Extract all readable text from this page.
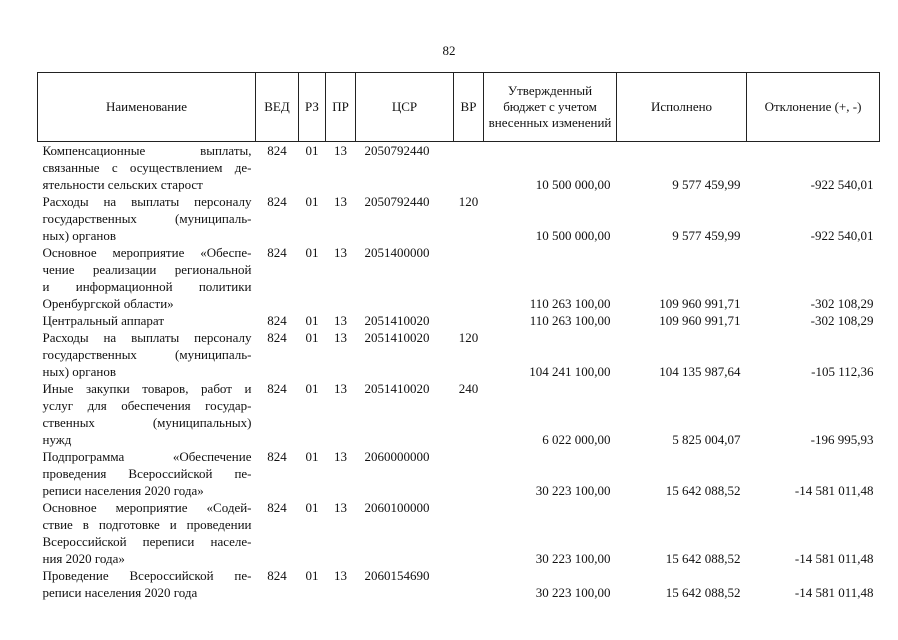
82
Наименование	ВЕД	РЗ	ПР	ЦСР	ВР	Утвержденный бюджет с учетом внесенных изменений	Исполнено	Отклонение (+, -)

Компенсационные выплаты,
связанные с осуществлением де-
ятельности сельских старост	824	01	13	2050792440		10 500 000,00	9 577 459,99	-922 540,01

Расходы на выплаты персоналу
государственных (муниципаль-
ных) органов	824	01	13	2050792440	120	10 500 000,00	9 577 459,99	-922 540,01

Основное мероприятие «Обеспе-
чение реализации региональной
и информационной политики
Оренбургской области»	824	01	13	2051400000		110 263 100,00	109 960 991,71	-302 108,29

Центральный аппарат	824	01	13	2051410020		110 263 100,00	109 960 991,71	-302 108,29

Расходы на выплаты персоналу
государственных (муниципаль-
ных) органов	824	01	13	2051410020	120	104 241 100,00	104 135 987,64	-105 112,36

Иные закупки товаров, работ и
услуг для обеспечения государ-
ственных (муниципальных)
нужд	824	01	13	2051410020	240	6 022 000,00	5 825 004,07	-196 995,93

Подпрограмма «Обеспечение
проведения Всероссийской пе-
реписи населения 2020 года»	824	01	13	2060000000		30 223 100,00	15 642 088,52	-14 581 011,48

Основное мероприятие «Содей-
ствие в подготовке и проведении
Всероссийской переписи населе-
ния 2020 года»	824	01	13	2060100000		30 223 100,00	15 642 088,52	-14 581 011,48

Проведение Всероссийской пе-
реписи населения 2020 года	824	01	13	2060154690		30 223 100,00	15 642 088,52	-14 581 011,48
